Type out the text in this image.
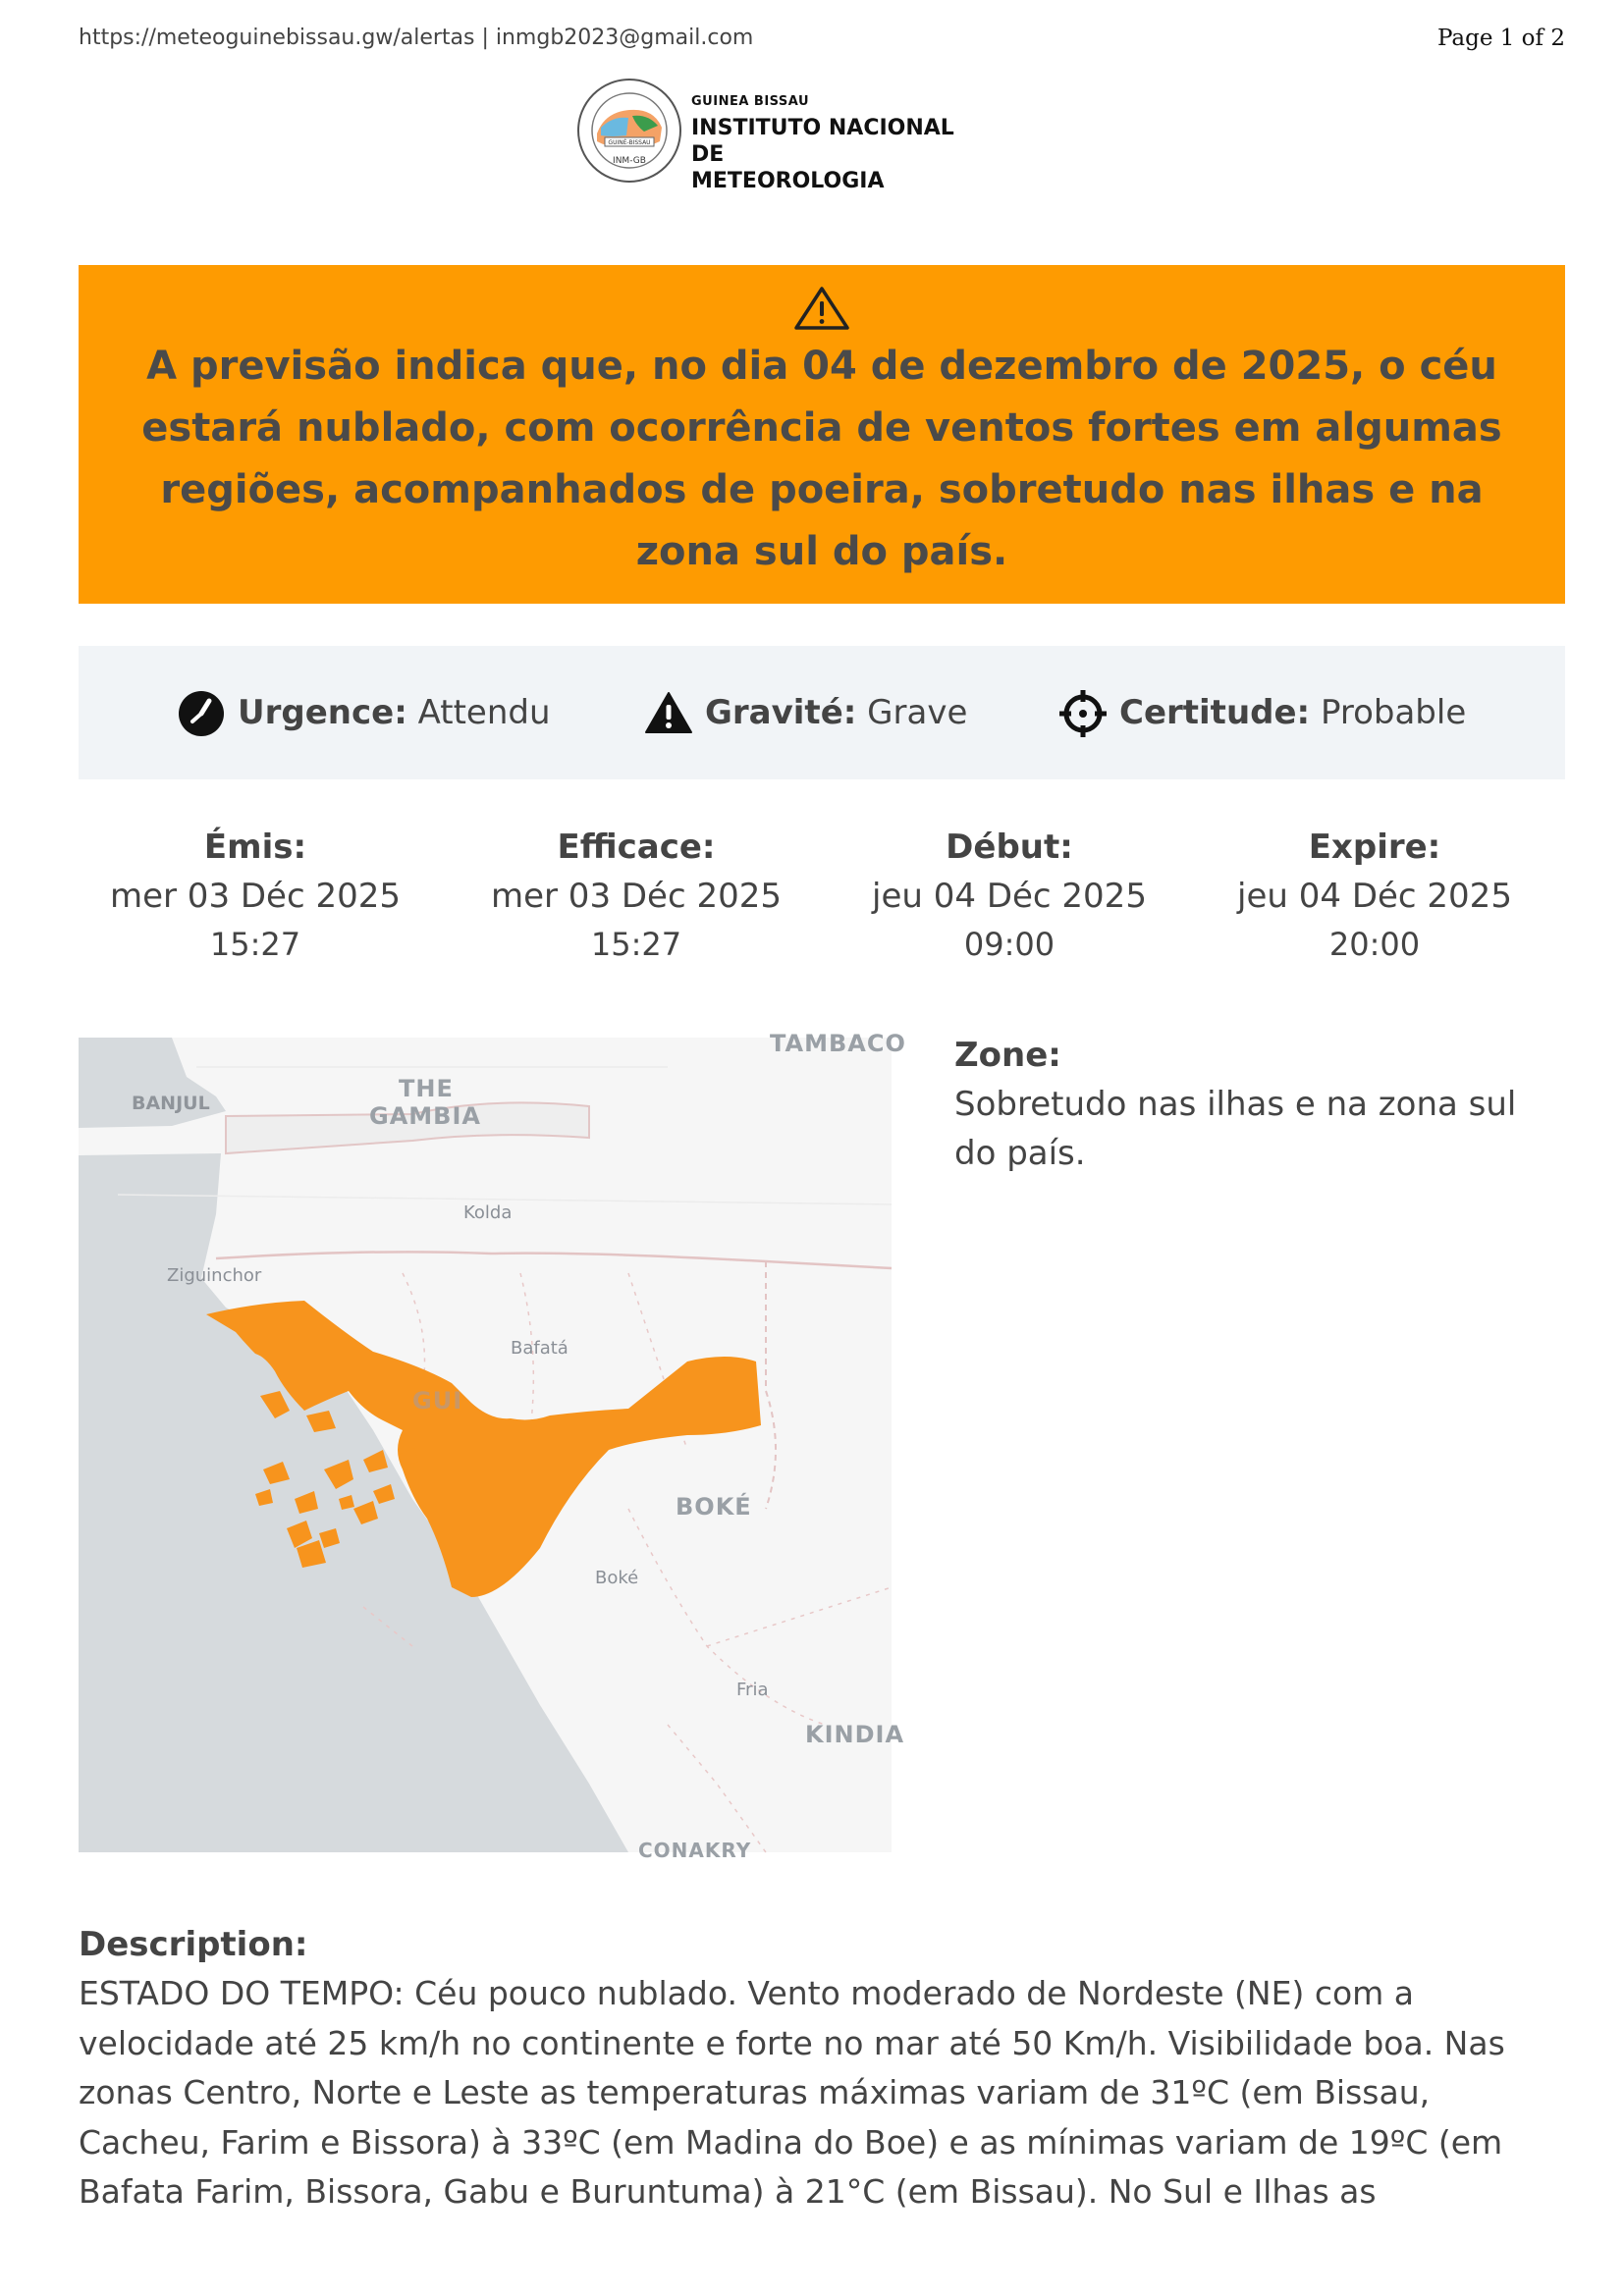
https://meteoguinebissau.gw/alertas | inmgb2023@gmail.com	Page 1 of 2
GUINÉ-BISSAU
INM-GB
GUINEA BISSAU
INSTITUTO NACIONAL DE
METEOROLOGIA
A previsão indica que, no dia 04 de dezembro de 2025, o céu estará nublado, com ocorrência de ventos fortes em algumas regiões, acompanhados de poeira, sobretudo nas ilhas e na zona sul do país.
Urgence: Attendu	Gravité: Grave	Certitude: Probable
Émis:
mer 03 Déc 2025
15:27
Efficace:
mer 03 Déc 2025
15:27
Début:
jeu 04 Déc 2025
09:00
Expire:
jeu 04 Déc 2025
20:00
BANJUL
THE
GAMBIA
TAMBACO
Kolda
Ziguinchor
Bafatá
GUI
BOKÉ
Boké
Fria
KINDIA
CONAKRY
Zone:
Sobretudo nas ilhas e na zona sul do país.
Description:
ESTADO DO TEMPO: Céu pouco nublado. Vento moderado de Nordeste (NE) com a velocidade até 25 km/h no continente e forte no mar até 50 Km/h. Visibilidade boa. Nas zonas Centro, Norte e Leste as temperaturas máximas variam de 31ºC (em Bissau, Cacheu, Farim e Bissora) à 33ºC (em Madina do Boe) e as mínimas variam de 19ºC (em Bafata Farim, Bissora, Gabu e Buruntuma) à 21°C (em Bissau). No Sul e Ilhas as
